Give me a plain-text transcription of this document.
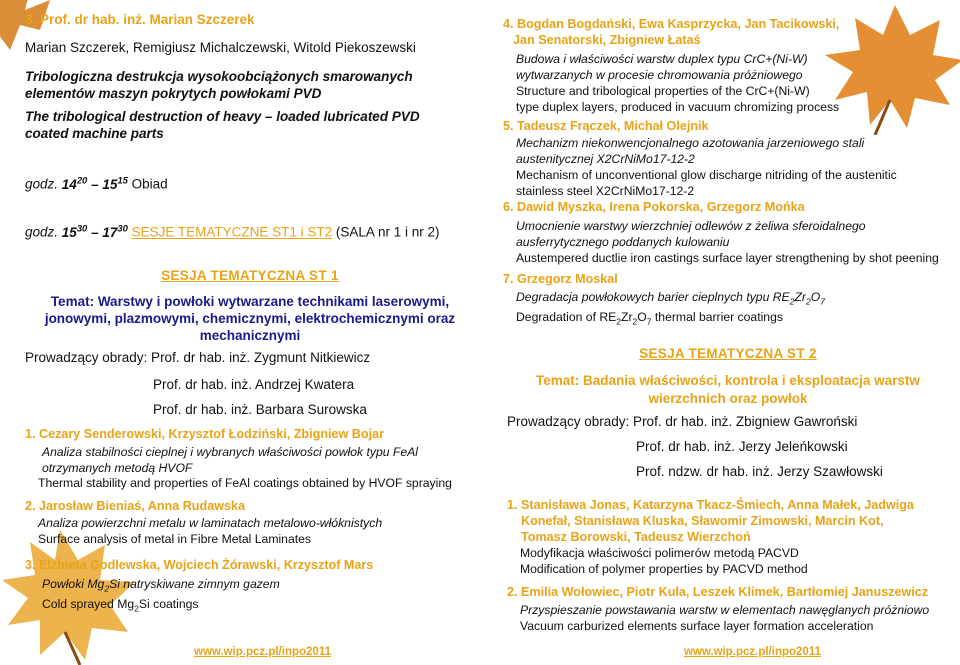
3. Prof. dr hab. inż. Marian Szczerek
Marian Szczerek, Remigiusz Michalczewski, Witold Piekoszewski
Tribologiczna destrukcja wysokoobciążonych smarowanych
elementów maszyn pokrytych powłokami PVD
The tribological destruction of heavy – loaded lubricated PVD
coated machine parts
godz. $14^{20} - 15^{15}$ Obiad
godz. $15^{30} - 17^{30}$ SESJE TEMATYCZNE ST1 i ST2 (SALA nr 1 i nr 2)
SESJA TEMATYCZNA ST 1
Temat: Warstwy i powłoki wytwarzane technikami laserowymi,
jonowymi, plazmowymi, chemicznymi, elektrochemicznymi oraz
mechanicznymi
Prowadzący obrady: Prof. dr hab. inż. Zygmunt Nitkiewicz
Prof. dr hab. inż. Andrzej Kwatera
Prof. dr hab. inż. Barbara Surowska
1. Cezary Senderowski, Krzysztof Łodziński, Zbigniew Bojar
Analiza stabilności cieplnej i wybranych właściwości powłok typu FeAl
otrzymanych metodą HVOF
Thermal stability and properties of FeAl coatings obtained by HVOF spraying
2. Jarosław Bieniaś, Anna Rudawska
Analiza powierzchni metalu w laminatach metalowo-włóknistych
Surface analysis of metal in Fibre Metal Laminates
3. Elżbieta Godlewska, Wojciech Żórawski, Krzysztof Mars
Powłoki $Mg_2Si$ natryskiwane zimnym gazem
Cold sprayed $Mg_2Si$ coatings
www.wip.pcz.pl/inpo2011
4. Bogdan Bogdański, Ewa Kasprzycka, Jan Tacikowski,
Jan Senatorski, Zbigniew Łataś
Budowa i właściwości warstw duplex typu CrC+(Ni-W)
wytwarzanych w procesie chromowania próżniowego
Structure and tribological properties of the CrC+(Ni-W)
type duplex layers, produced in vacuum chromizing process
5. Tadeusz Frączek, Michał Olejnik
Mechanizm niekonwencjonalnego azotowania jarzeniowego stali
austenitycznej X2CrNiMo17-12-2
Mechanism of unconventional glow discharge nitriding of the austenitic
stainless steel X2CrNiMo17-12-2
6. Dawid Myszka, Irena Pokorska, Grzegorz Mońka
Umocnienie warstwy wierzchniej odlewów z żeliwa sferoidalnego
ausferrytycznego poddanych kulowaniu
Austempered ductlie iron castings surface layer strengthening by shot peening
7. Grzegorz Moskal
Degradacja powłokowych barier cieplnych typu $RE_2Zr_2O_7$
Degradation of $RE_2Zr_2O_7$ thermal barrier coatings
SESJA TEMATYCZNA ST 2
Temat: Badania właściwości, kontrola i eksploatacja warstw
wierzchnich oraz powłok
Prowadzący obrady: Prof. dr hab. inż. Zbigniew Gawroński
Prof. dr hab. inż. Jerzy Jeleńkowski
Prof. ndzw. dr hab. inż. Jerzy Szawłowski
1. Stanisława Jonas, Katarzyna Tkacz-Śmiech, Anna Małek, Jadwiga
Konefał, Stanisława Kluska, Sławomir Zimowski, Marcin Kot,
Tomasz Borowski, Tadeusz Wierzchoń
Modyfikacja właściwości polimerów metodą PACVD
Modification of polymer properties by PACVD method
2. Emilia Wołowiec, Piotr Kula, Leszek Klimek, Bartłomiej Januszewicz
Przyspieszanie powstawania warstw w elementach nawęglanych próżniowo
Vacuum carburized elements surface layer formation acceleration
www.wip.pcz.pl/inpo2011
